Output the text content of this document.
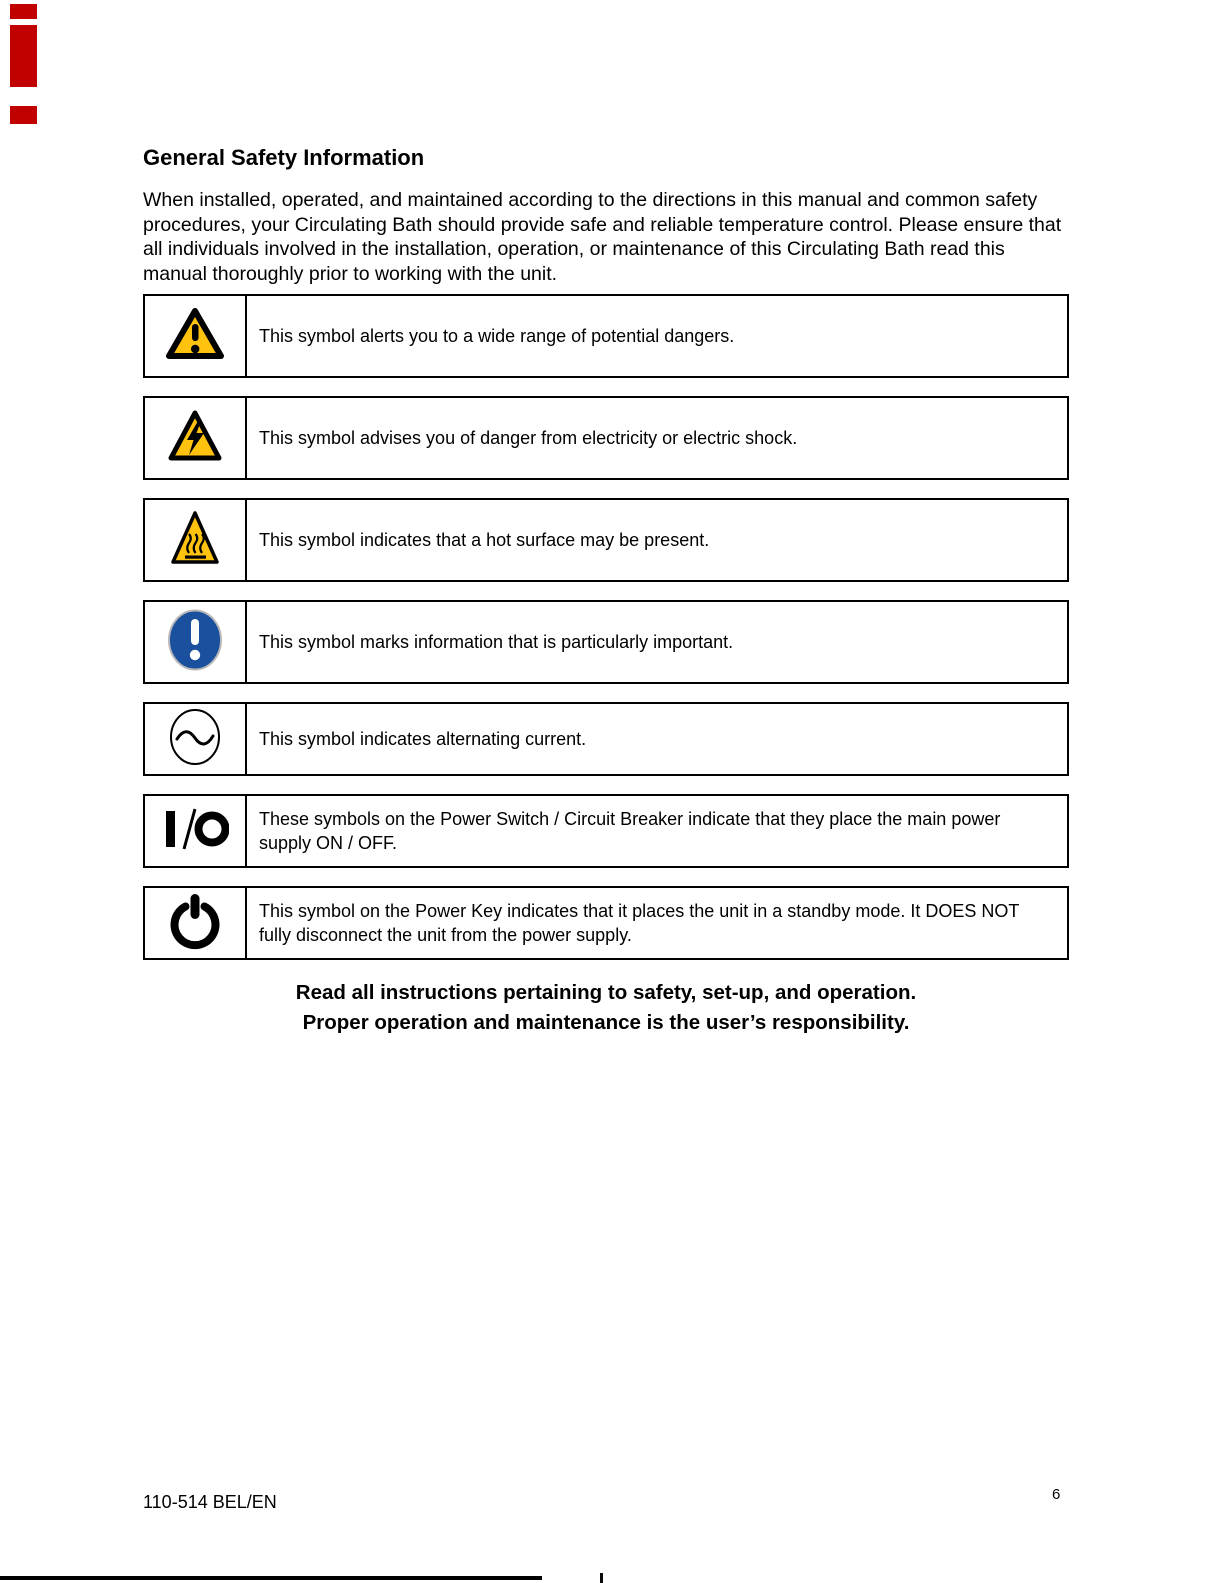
General Safety Information

When installed, operated, and maintained according to the directions in this manual and common safety procedures, your Circulating Bath should provide safe and reliable temperature control. Please ensure that all individuals involved in the installation, operation, or maintenance of this Circulating Bath read this manual thoroughly prior to working with the unit.

This symbol alerts you to a wide range of potential dangers.
This symbol advises you of danger from electricity or electric shock.
This symbol indicates that a hot surface may be present.
This symbol marks information that is particularly important.
This symbol indicates alternating current.
These symbols on the Power Switch / Circuit Breaker indicate that they place the main power supply ON / OFF.
This symbol on the Power Key indicates that it places the unit in a standby mode. It DOES NOT fully disconnect the unit from the power supply.
Read all instructions pertaining to safety, set-up, and operation.
Proper operation and maintenance is the user’s responsibility.
110-514 BEL/EN	6
